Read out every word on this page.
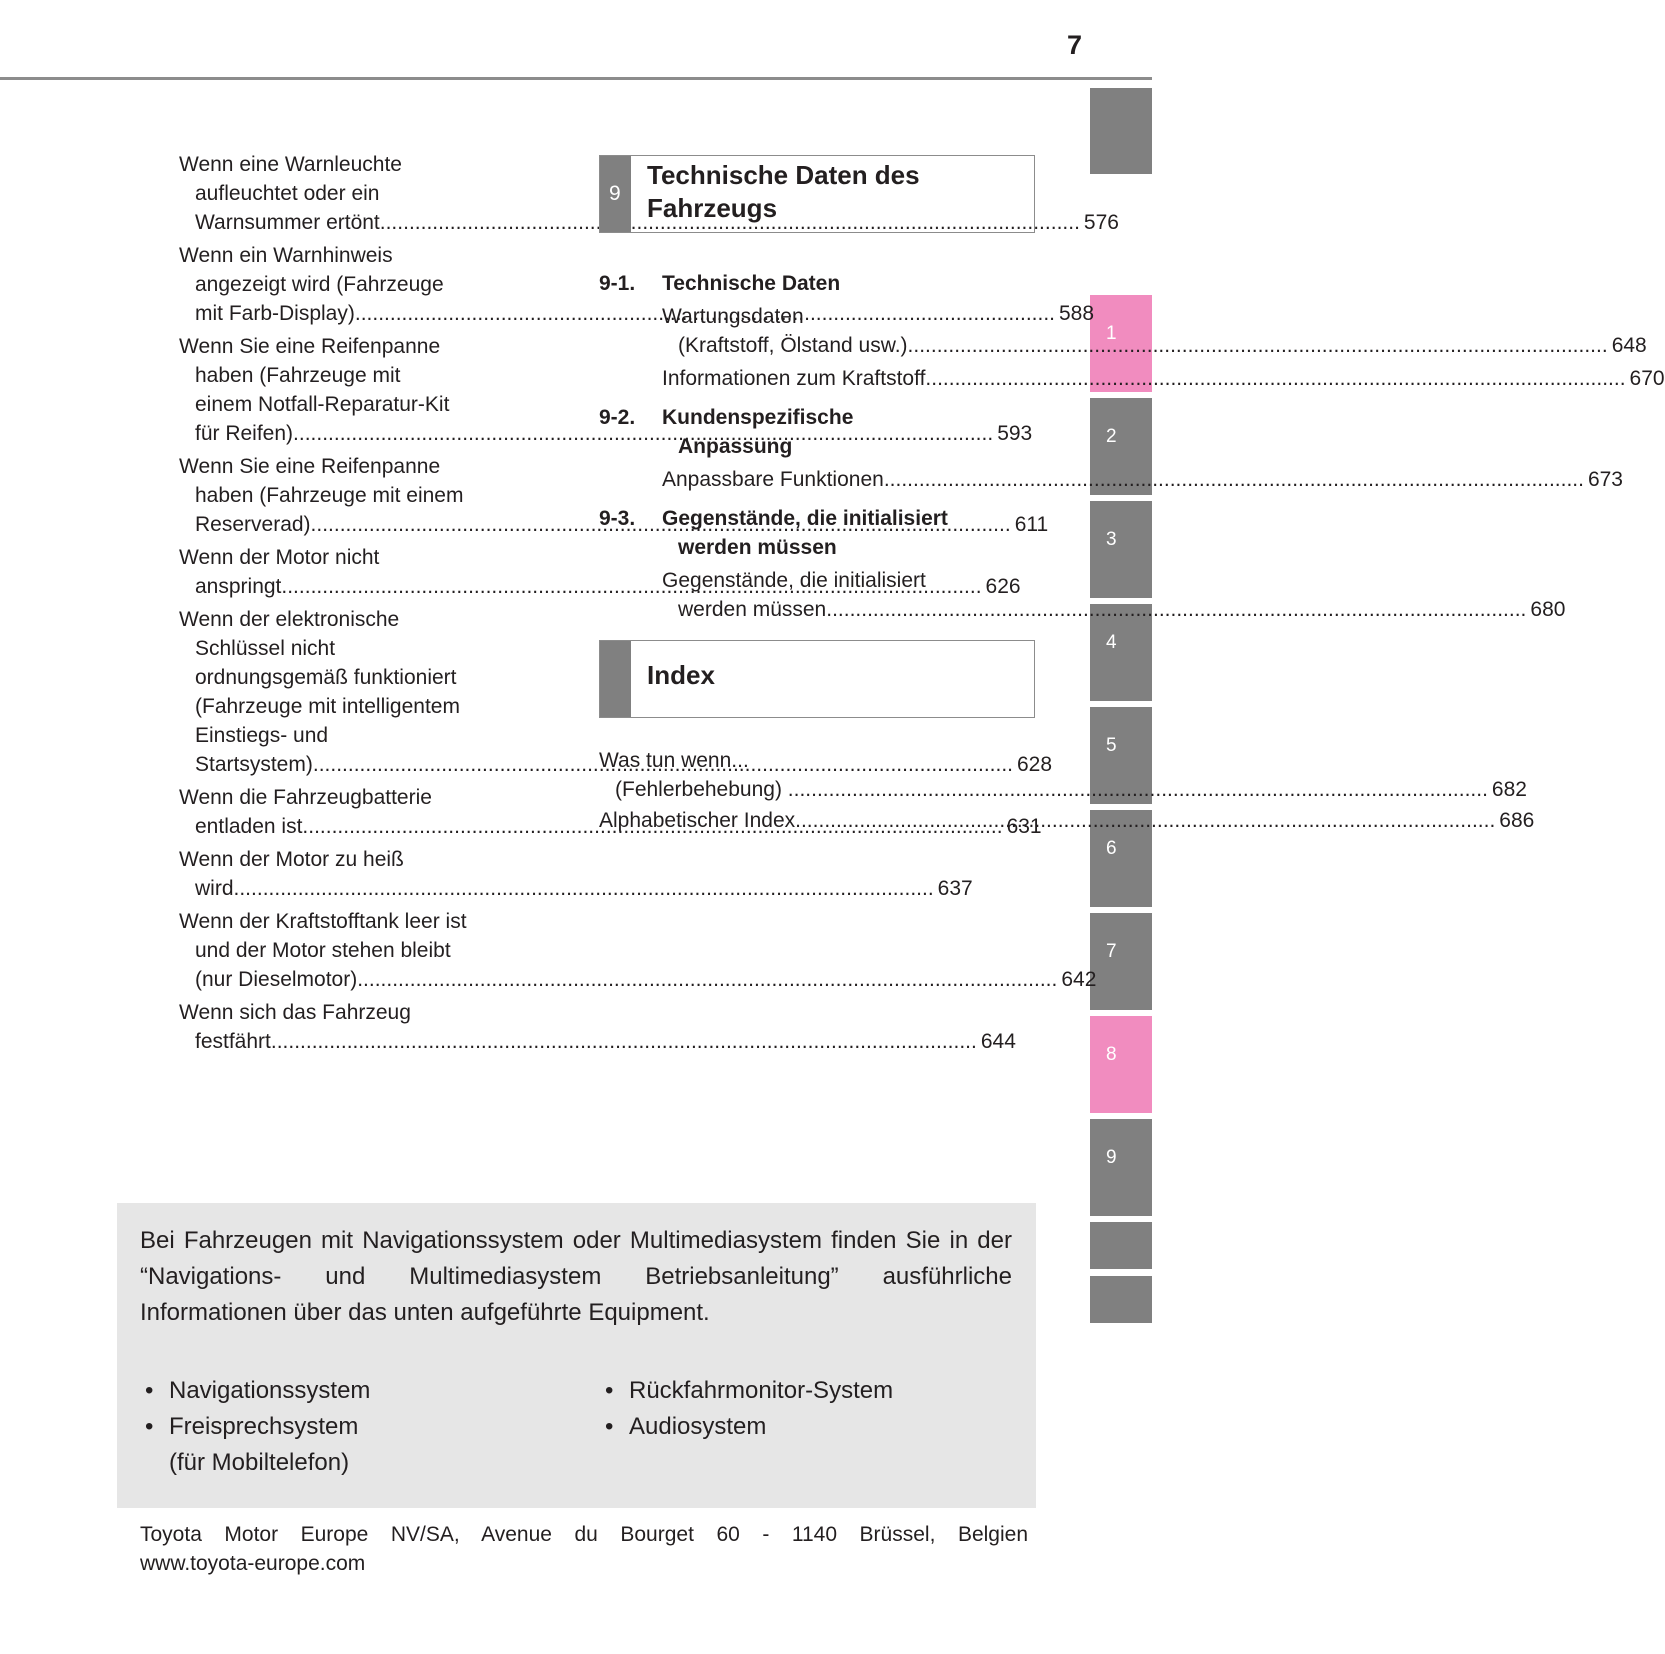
7
1
2
3
4
5
6
7
8
9
Wenn eine Warnleuchte
aufleuchtet oder ein
Warnsummer ertönt .....	576
Wenn ein Warnhinweis
angezeigt wird (Fahrzeuge
mit Farb-Display) .....	588
Wenn Sie eine Reifenpanne
haben (Fahrzeuge mit
einem Notfall-Reparatur-Kit
für Reifen) .....	593
Wenn Sie eine Reifenpanne
haben (Fahrzeuge mit einem
Reserverad) .....	611
Wenn der Motor nicht
anspringt .....	626
Wenn der elektronische
Schlüssel nicht
ordnungsgemäß funktioniert
(Fahrzeuge mit intelligentem
Einstiegs- und
Startsystem) .....	628
Wenn die Fahrzeugbatterie
entladen ist .....	631
Wenn der Motor zu heiß
wird .....	637
Wenn der Kraftstofftank leer ist
und der Motor stehen bleibt
(nur Dieselmotor) .....	642
Wenn sich das Fahrzeug
festfährt. .....	644
9
Technische Daten des
Fahrzeugs
9-1.	Technische Daten
Wartungsdaten
(Kraftstoff, Ölstand usw.) .....	648
Informationen zum Kraftstoff .....	670
9-2.	Kundenspezifische
Anpassung
Anpassbare Funktionen .....	673
9-3.	Gegenstände, die initialisiert
werden müssen
Gegenstände, die initialisiert
werden müssen .....	680
Index
Was tun wenn...
(Fehlerbehebung) .....	682
Alphabetischer Index .....	686
Bei Fahrzeugen mit Navigationssystem oder Multimediasystem finden Sie in der “Navigations- und Multimediasystem Betriebsanleitung” ausführliche Informationen über das unten aufgeführte Equipment.
• Navigationssystem
• Freisprechsystem
(für Mobiltelefon)
• Rückfahrmonitor-System
• Audiosystem
Toyota Motor Europe NV/SA, Avenue du Bourget 60 - 1140 Brüssel, Belgien
www.toyota-europe.com
